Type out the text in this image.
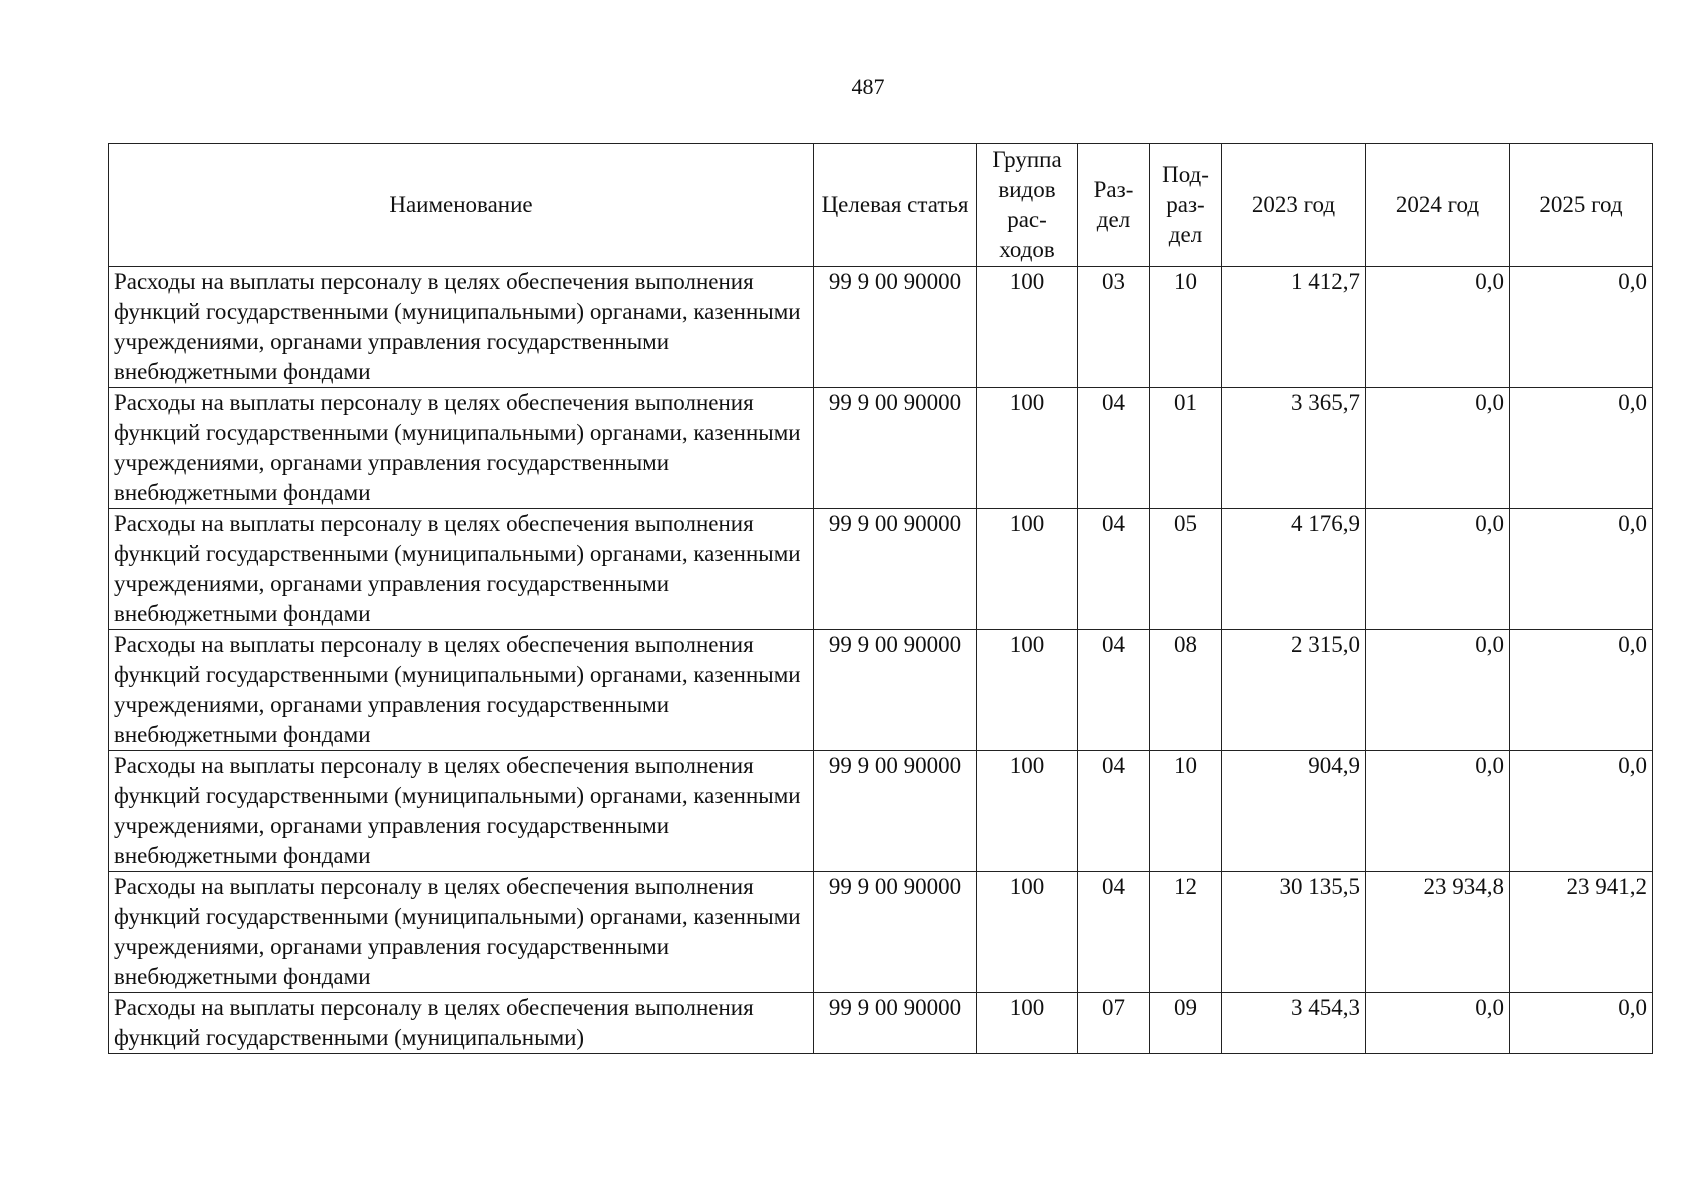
487
Наименование	Целевая статья	Группа видов рас-ходов	Раз-дел	Под-раз-дел	2023 год	2024 год	2025 год
Расходы на выплаты персоналу в целях обеспечения выполнения функций государственными (муниципальными) органами, казенными учреждениями, органами управления государственными внебюджетными фондами	99 9 00 90000	100	03	10	1 412,7	0,0	0,0
Расходы на выплаты персоналу в целях обеспечения выполнения функций государственными (муниципальными) органами, казенными учреждениями, органами управления государственными внебюджетными фондами	99 9 00 90000	100	04	01	3 365,7	0,0	0,0
Расходы на выплаты персоналу в целях обеспечения выполнения функций государственными (муниципальными) органами, казенными учреждениями, органами управления государственными внебюджетными фондами	99 9 00 90000	100	04	05	4 176,9	0,0	0,0
Расходы на выплаты персоналу в целях обеспечения выполнения функций государственными (муниципальными) органами, казенными учреждениями, органами управления государственными внебюджетными фондами	99 9 00 90000	100	04	08	2 315,0	0,0	0,0
Расходы на выплаты персоналу в целях обеспечения выполнения функций государственными (муниципальными) органами, казенными учреждениями, органами управления государственными внебюджетными фондами	99 9 00 90000	100	04	10	904,9	0,0	0,0
Расходы на выплаты персоналу в целях обеспечения выполнения функций государственными (муниципальными) органами, казенными учреждениями, органами управления государственными внебюджетными фондами	99 9 00 90000	100	04	12	30 135,5	23 934,8	23 941,2
Расходы на выплаты персоналу в целях обеспечения выполнения функций государственными (муниципальными)	99 9 00 90000	100	07	09	3 454,3	0,0	0,0
